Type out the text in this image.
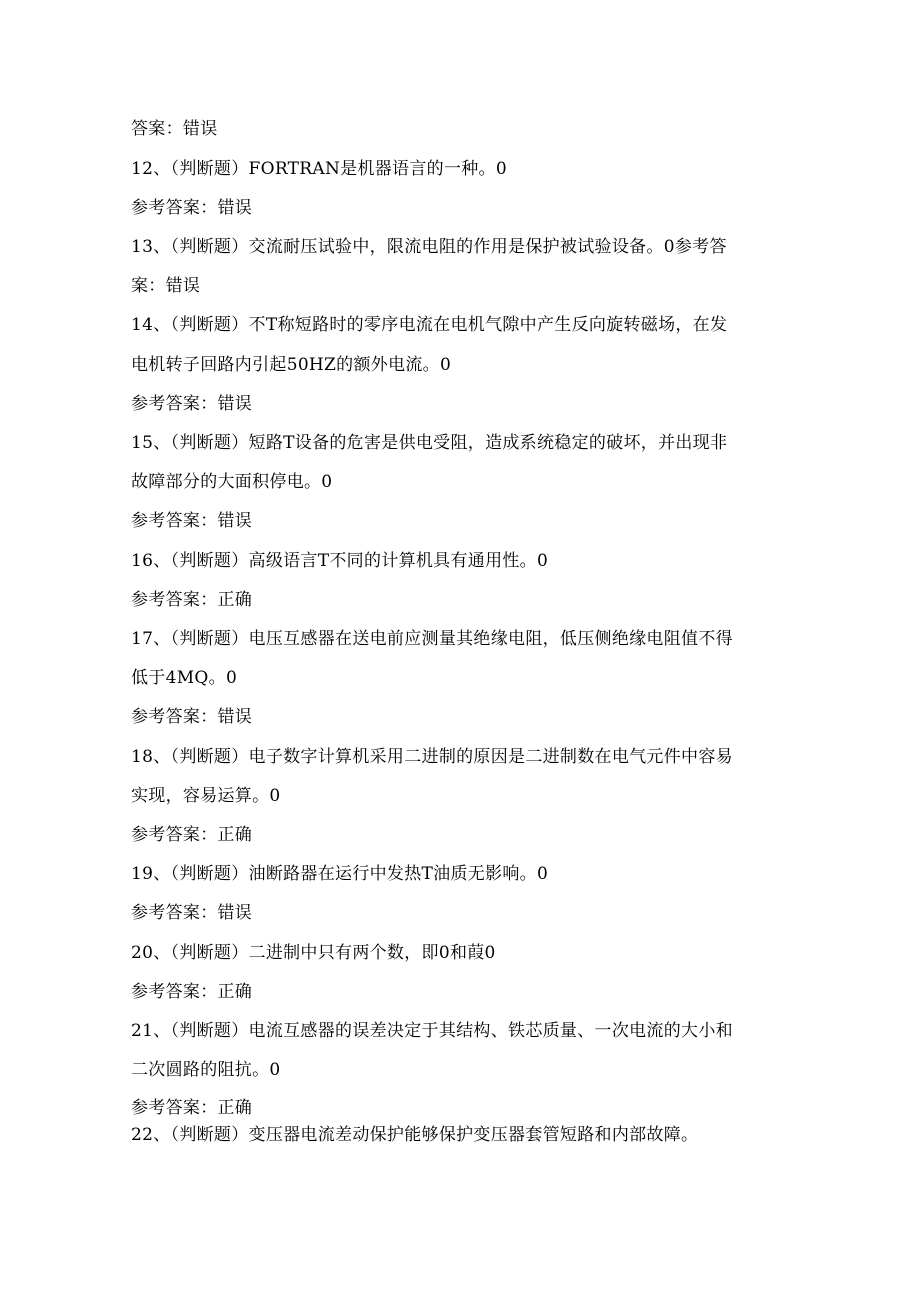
答案：错误
12、（判断题）FORTRAN是机器语言的一种。0
参考答案：错误
13、（判断题）交流耐压试验中，限流电阻的作用是保护被试验设备。0参考答
案：错误
14、（判断题）不T称短路时的零序电流在电机气隙中产生反向旋转磁场，在发
电机转子回路内引起50HZ的额外电流。0
参考答案：错误
15、（判断题）短路T设备的危害是供电受阻，造成系统稳定的破坏，并出现非
故障部分的大面积停电。0
参考答案：错误
16、（判断题）高级语言T不同的计算机具有通用性。0
参考答案：正确
17、（判断题）电压互感器在送电前应测量其绝缘电阻，低压侧绝缘电阻值不得
低于4MQ。0
参考答案：错误
18、（判断题）电子数字计算机采用二进制的原因是二进制数在电气元件中容易
实现，容易运算。0
参考答案：正确
19、（判断题）油断路器在运行中发热T油质无影响。0
参考答案：错误
20、（判断题）二进制中只有两个数，即0和葭0
参考答案：正确
21、（判断题）电流互感器的误差决定于其结构、铁芯质量、一次电流的大小和
二次圆路的阻抗。0
参考答案：正确
22、（判断题）变压器电流差动保护能够保护变压器套管短路和内部故障。
